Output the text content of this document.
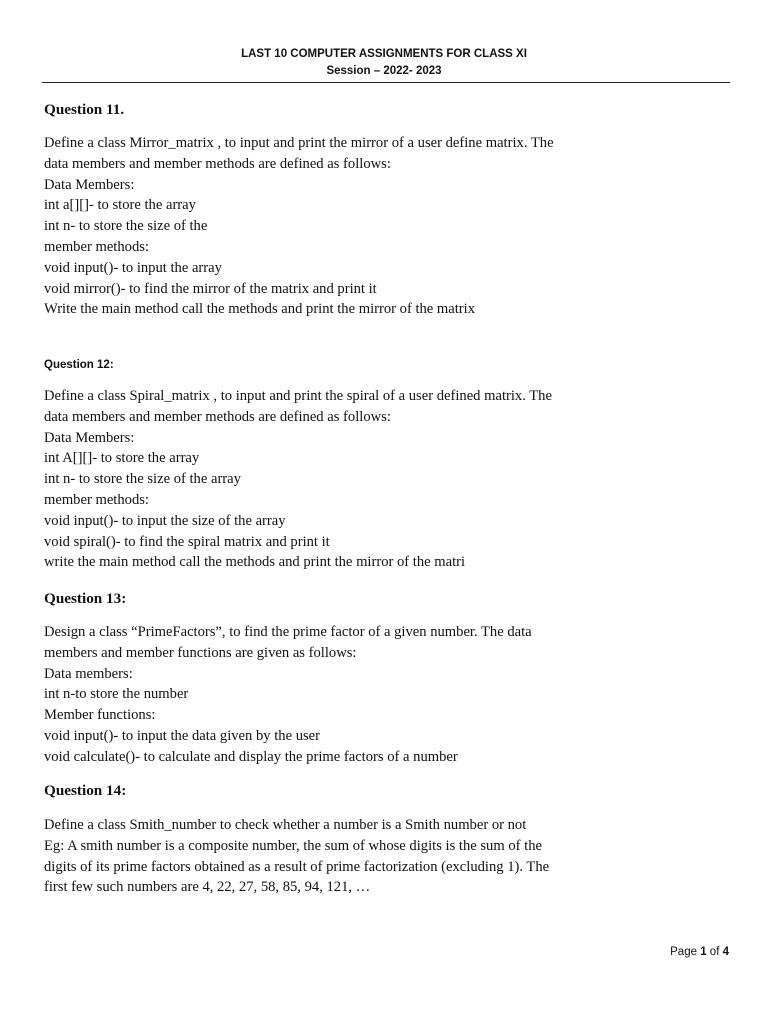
LAST 10 COMPUTER ASSIGNMENTS FOR CLASS XI
Session – 2022- 2023
Question 11.
Define a class Mirror_matrix , to input and print the mirror of a user define matrix. The
data members and member methods are defined as follows:
Data Members:
int a[][]- to store the array
int n- to store the size of the
member methods:
void input()- to input the array
void mirror()- to find the mirror of the matrix and print it
Write the main method call the methods and print the mirror of the matrix
Question 12:
Define a class Spiral_matrix , to input and print the spiral of a user defined matrix. The
data members and member methods are defined as follows:
Data Members:
int A[][]- to store the array
int n- to store the size of the array
member methods:
void input()- to input the size of the array
void spiral()- to find the spiral matrix and print it
write the main method call the methods and print the mirror of the matri
Question 13:
Design a class “PrimeFactors”, to find the prime factor of a given number. The data
members and member functions are given as follows:
Data members:
int n-to store the number
Member functions:
void input()- to input the data given by the user
void calculate()- to calculate and display the prime factors of a number
Question 14:
Define a class Smith_number to check whether a number is a Smith number or not
Eg: A smith number is a composite number, the sum of whose digits is the sum of the
digits of its prime factors obtained as a result of prime factorization (excluding 1). The
first few such numbers are 4, 22, 27, 58, 85, 94, 121, …
Page 1 of 4
